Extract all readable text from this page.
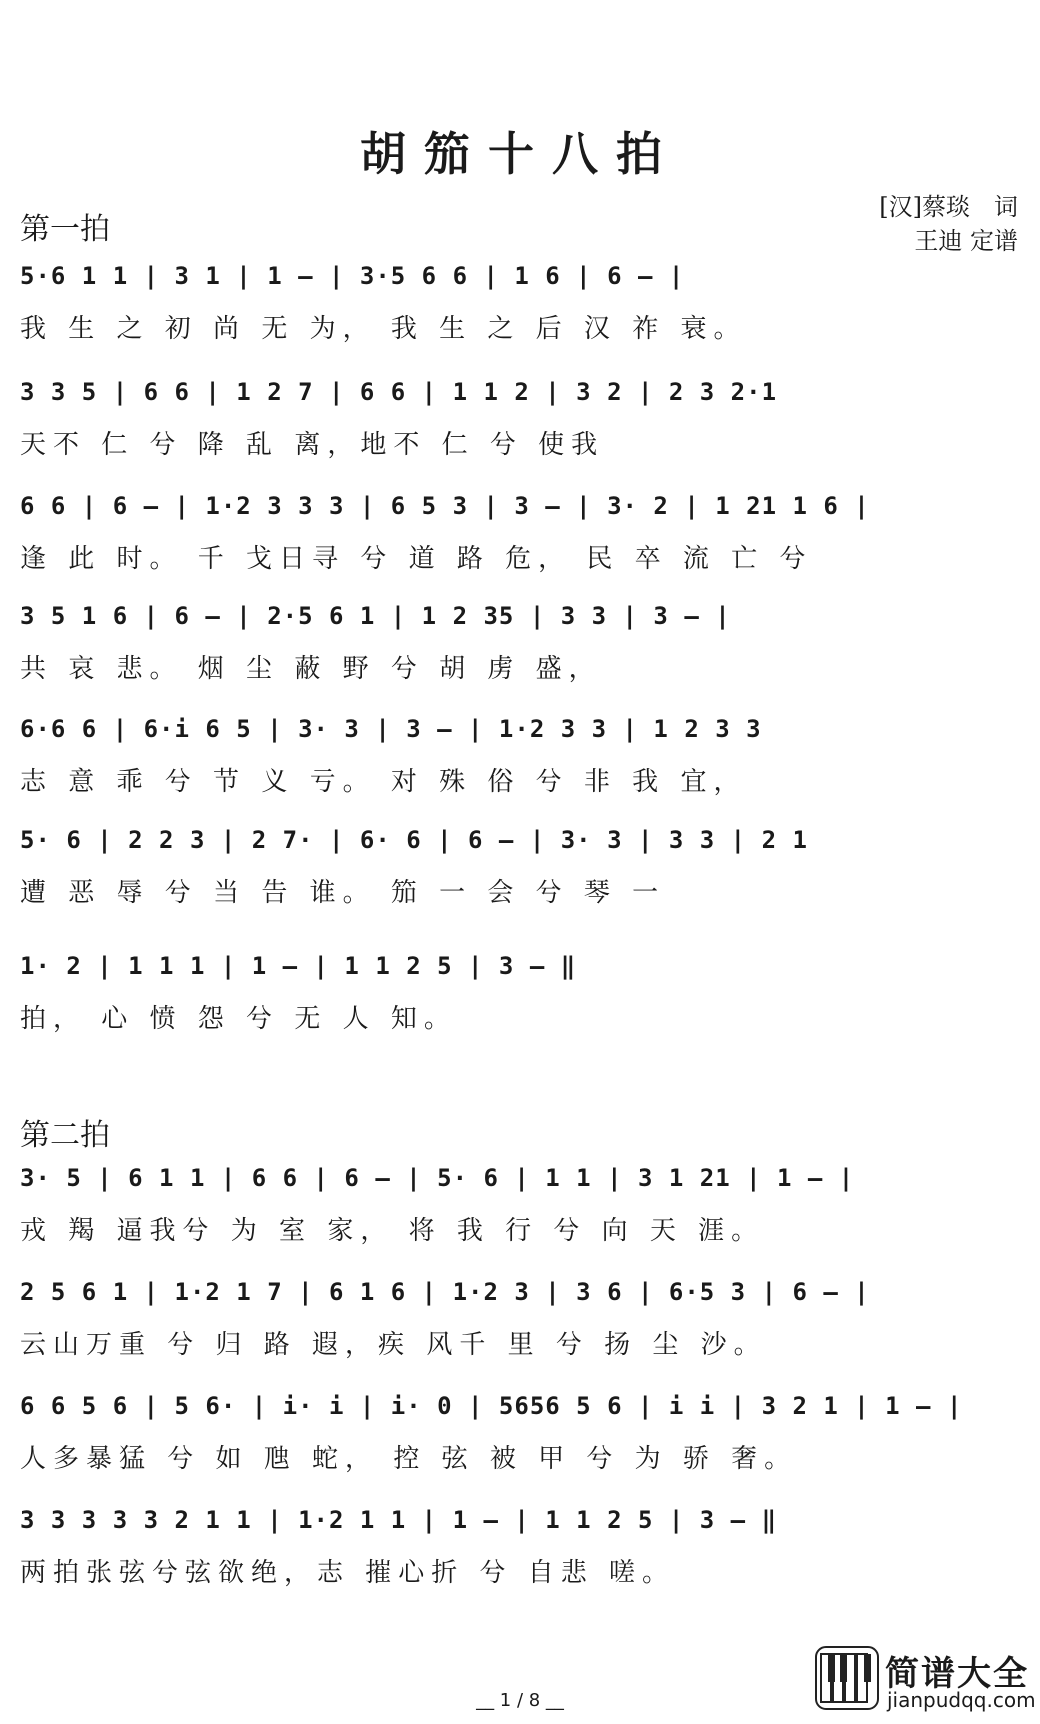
胡笳十八拍
[汉]蔡琰　词
王迪 定谱
第一拍
5·6 1 1 | 3 1 | 1 – | 3·5 6 6 | 1 6 | 6 – |
我 生 之 初 尚 无 为， 我 生 之 后 汉 祚 衰。
3 3 5 | 6 6 | 1 2 7 | 6 6 | 1 1 2 | 3 2 | 2 3 2·1
天不 仁 兮 降 乱 离，地不 仁 兮 使我
6 6 | 6 – | 1·2 3 3 3 | 6 5 3 | 3 – | 3· 2 | 1 21 1 6 |
逢 此 时。 千 戈日寻 兮 道 路 危， 民 卒 流 亡 兮
3 5 1 6 | 6 – | 2·5 6 1 | 1 2 35 | 3 3 | 3 – |
共 哀 悲。 烟 尘 蔽 野 兮 胡 虏 盛，
6·6 6 | 6·i 6 5 | 3· 3 | 3 – | 1·2 3 3 | 1 2 3 3
志 意 乖 兮 节 义 亏。 对 殊 俗 兮 非 我 宜，
5· 6 | 2 2 3 | 2 7· | 6· 6 | 6 – | 3· 3 | 3 3 | 2 1
遭 恶 辱 兮 当 告 谁。 笳 一 会 兮 琴 一
1· 2 | 1 1 1 | 1 – | 1 1 2 5 | 3 – ‖
拍， 心 愤 怨 兮 无 人 知。
第二拍
3· 5 | 6 1 1 | 6 6 | 6 – | 5· 6 | 1 1 | 3 1 21 | 1 – |
戎 羯 逼我兮 为 室 家， 将 我 行 兮 向 天 涯。
2 5 6 1 | 1·2 1 7 | 6 1 6 | 1·2 3 | 3 6 | 6·5 3 | 6 – |
云山万重 兮 归 路 遐，疾 风千 里 兮 扬 尘 沙。
6 6 5 6 | 5 6· | i· i | i· 0 | 5656 5 6 | i i | 3 2 1 | 1 – |
人多暴猛 兮 如 虺 蛇， 控 弦 被 甲 兮 为 骄 奢。
3 3 3 3 3 2 1 1 | 1·2 1 1 | 1 – | 1 1 2 5 | 3 – ‖
两拍张弦兮弦欲绝，志 摧心折 兮 自悲 嗟。
__ 1 / 8 __
简谱大全
jianpudqq.com
